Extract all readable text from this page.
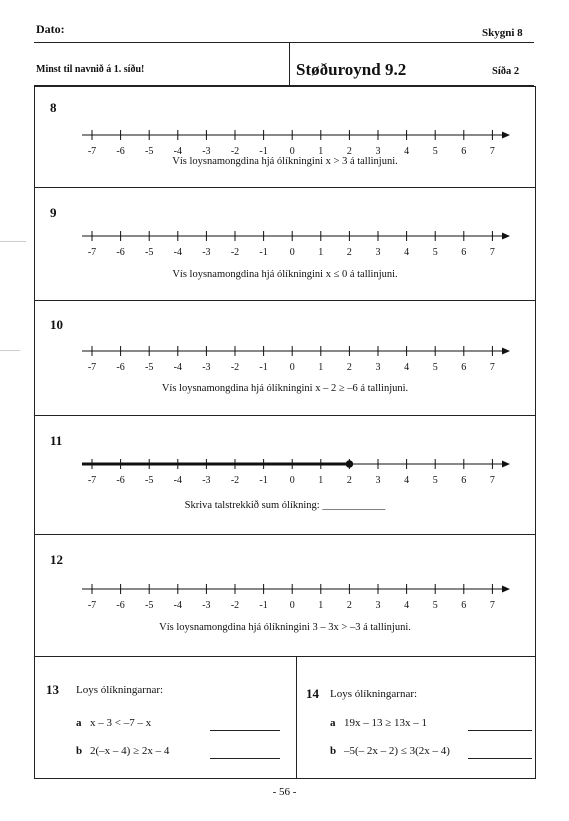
Dato:	Skygni 8
Minst til navnið á 1. síðu!	Støðuroynd 9.2	Síða 2
8
-7 -6 -5 -4 -3 -2 -1 0 1 2 3 4 5 6 7
Vís loysnamongdina hjá ólíkningini x > 3 á tallinjuni.
9
-7 -6 -5 -4 -3 -2 -1 0 1 2 3 4 5 6 7
Vís loysnamongdina hjá ólíkningini x ≤ 0 á tallinjuni.
10
-7 -6 -5 -4 -3 -2 -1 0 1 2 3 4 5 6 7
Vís loysnamongdina hjá ólíkningini x – 2 ≥ –6 á tallinjuni.
11
-7 -6 -5 -4 -3 -2 -1 0 1 2 3 4 5 6 7
Skriva talstrekkið sum ólíkning: ____________
12
-7 -6 -5 -4 -3 -2 -1 0 1 2 3 4 5 6 7
Vís loysnamongdina hjá ólíkningini 3 – 3x > –3 á tallinjuni.
13 Loys ólíkningarnar:
a x – 3 < –7 – x
b 2(–x – 4) ≥ 2x – 4
14 Loys ólíkningarnar:
a 19x – 13 ≥ 13x – 1
b –5(– 2x – 2) ≤ 3(2x – 4)
- 56 -
